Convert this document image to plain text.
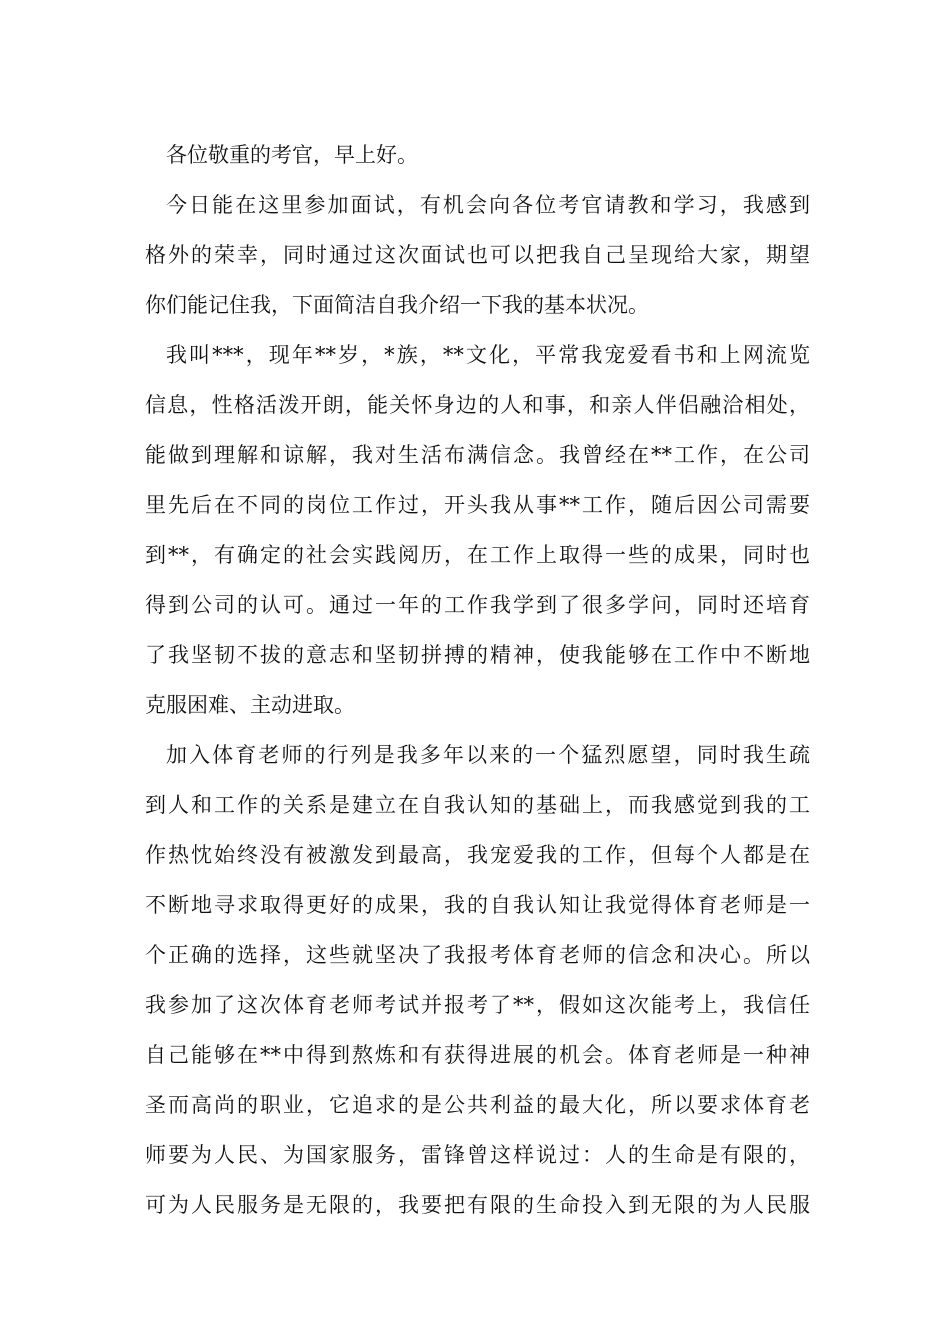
各位敬重的考官，早上好。
今日能在这里参加面试，有机会向各位考官请教和学习，我感到
格外的荣幸，同时通过这次面试也可以把我自己呈现给大家，期望
你们能记住我，下面简洁自我介绍一下我的基本状况。
我叫***，现年**岁，*族，**文化，平常我宠爱看书和上网流览
信息，性格活泼开朗，能关怀身边的人和事，和亲人伴侣融洽相处，
能做到理解和谅解，我对生活布满信念。我曾经在**工作，在公司
里先后在不同的岗位工作过，开头我从事**工作，随后因公司需要
到**，有确定的社会实践阅历，在工作上取得一些的成果，同时也
得到公司的认可。通过一年的工作我学到了很多学问，同时还培育
了我坚韧不拔的意志和坚韧拼搏的精神，使我能够在工作中不断地
克服困难、主动进取。
加入体育老师的行列是我多年以来的一个猛烈愿望，同时我生疏
到人和工作的关系是建立在自我认知的基础上，而我感觉到我的工
作热忱始终没有被激发到最高，我宠爱我的工作，但每个人都是在
不断地寻求取得更好的成果，我的自我认知让我觉得体育老师是一
个正确的选择，这些就坚决了我报考体育老师的信念和决心。所以
我参加了这次体育老师考试并报考了**，假如这次能考上，我信任
自己能够在**中得到熬炼和有获得进展的机会。体育老师是一种神
圣而高尚的职业，它追求的是公共利益的最大化，所以要求体育老
师要为人民、为国家服务，雷锋曾这样说过：人的生命是有限的，
可为人民服务是无限的，我要把有限的生命投入到无限的为人民服
